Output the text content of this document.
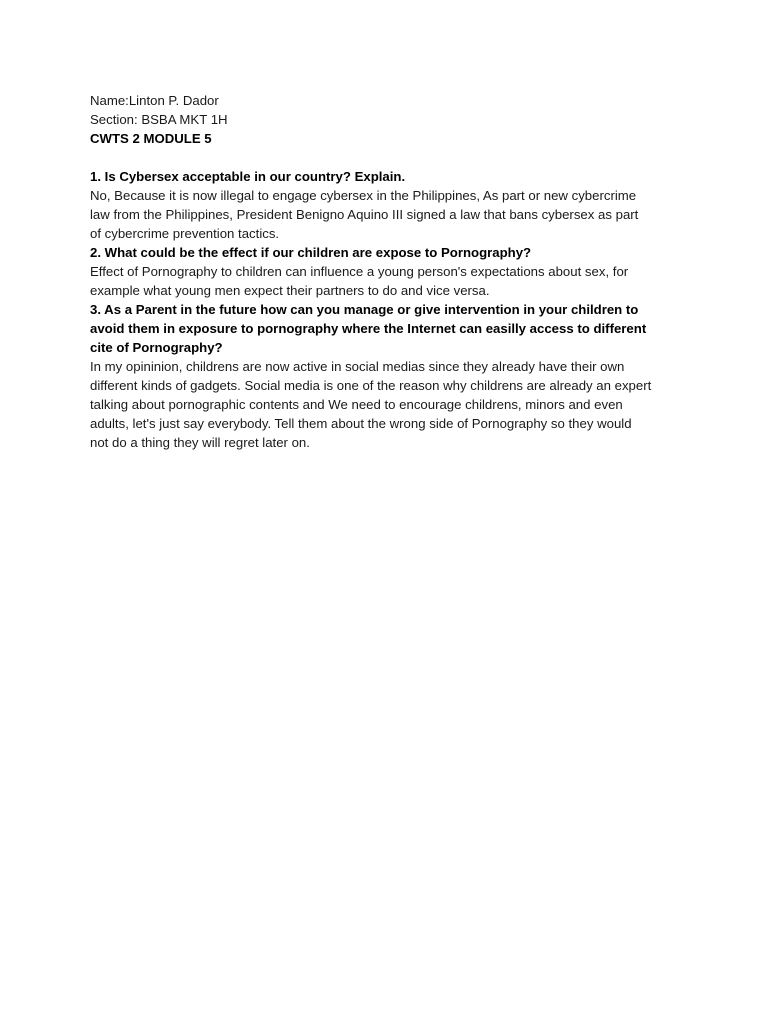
Name:Linton P. Dador
Section: BSBA MKT 1H
CWTS 2 MODULE 5
1. Is Cybersex acceptable in our country? Explain.
No, Because it is now illegal to engage cybersex in the Philippines, As part or new cybercrime
law from the Philippines, President Benigno Aquino III signed a law that bans cybersex as part
of cybercrime prevention tactics.
2. What could be the effect if our children are expose to Pornography?
Effect of Pornography to children can influence a young person's expectations about sex, for
example what young men expect their partners to do and vice versa.
3. As a Parent in the future how can you manage or give intervention in your children to
avoid them in exposure to pornography where the Internet can easilly access to different
cite of Pornography?
In my opininion, childrens are now active in social medias since they already have their own
different kinds of gadgets. Social media is one of the reason why childrens are already an expert
talking about pornographic contents and We need to encourage childrens, minors and even
adults, let's just say everybody. Tell them about the wrong side of Pornography so they would
not do a thing they will regret later on.
